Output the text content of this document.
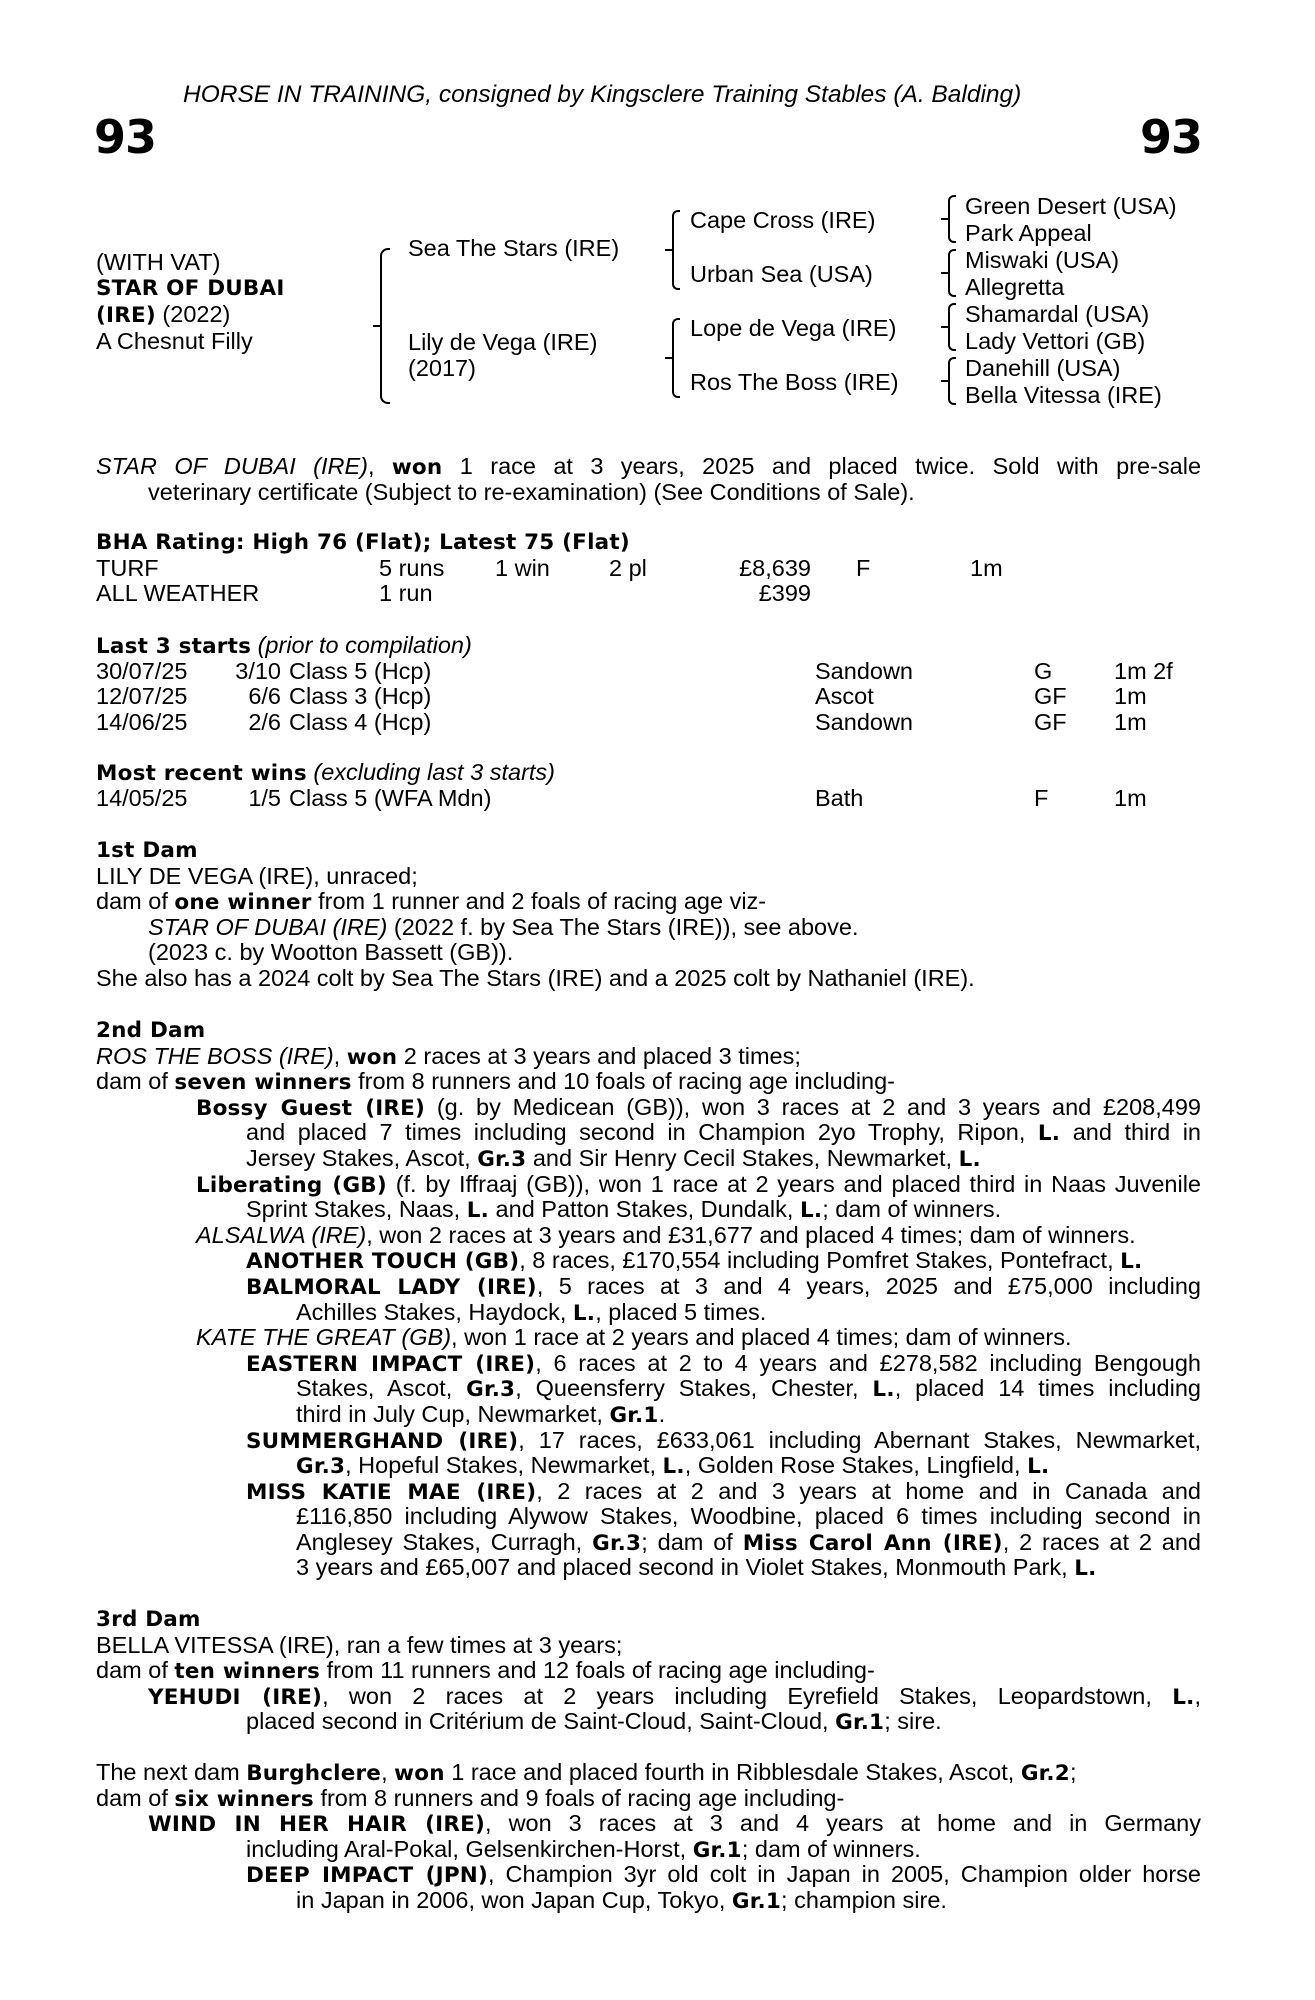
HORSE IN TRAINING, consigned by Kingsclere Training Stables (A. Balding)
93	93
(WITH VAT)
STAR OF DUBAI
(IRE) (2022)
A Chesnut Filly
Sea The Stars (IRE)
Lily de Vega (IRE)
(2017)
Cape Cross (IRE)
Urban Sea (USA)
Lope de Vega (IRE)
Ros The Boss (IRE)
Green Desert (USA)
Park Appeal
Miswaki (USA)
Allegretta
Shamardal (USA)
Lady Vettori (GB)
Danehill (USA)
Bella Vitessa (IRE)
STAR OF DUBAI (IRE), won 1 race at 3 years, 2025 and placed twice. Sold with pre-sale
veterinary certificate (Subject to re-examination) (See Conditions of Sale).
BHA Rating: High 76 (Flat); Latest 75 (Flat)
TURF	5 runs 1 win	2 pl	£8,639 F	1m
ALL WEATHER	1 run	£399
Last 3 starts (prior to compilation)
30/07/25 3/10 Class 5 (Hcp)	Sandown	G	1m 2f
12/07/25	6/6 Class 3 (Hcp)	Ascot	GF 1m
14/06/25	2/6 Class 4 (Hcp)	Sandown	GF 1m
Most recent wins (excluding last 3 starts)
14/05/25	1/5 Class 5 (WFA Mdn)	Bath	F	1m
1st Dam
LILY DE VEGA (IRE), unraced;
dam of one winner from 1 runner and 2 foals of racing age viz-
STAR OF DUBAI (IRE) (2022 f. by Sea The Stars (IRE)), see above.
(2023 c. by Wootton Bassett (GB)).
She also has a 2024 colt by Sea The Stars (IRE) and a 2025 colt by Nathaniel (IRE).
2nd Dam
ROS THE BOSS (IRE), won 2 races at 3 years and placed 3 times;
dam of seven winners from 8 runners and 10 foals of racing age including-
Bossy Guest (IRE) (g. by Medicean (GB)), won 3 races at 2 and 3 years and £208,499
and placed 7 times including second in Champion 2yo Trophy, Ripon, L. and third in
Jersey Stakes, Ascot, Gr.3 and Sir Henry Cecil Stakes, Newmarket, L.
Liberating (GB) (f. by Iffraaj (GB)), won 1 race at 2 years and placed third in Naas Juvenile
Sprint Stakes, Naas, L. and Patton Stakes, Dundalk, L.; dam of winners.
ALSALWA (IRE), won 2 races at 3 years and £31,677 and placed 4 times; dam of winners.
ANOTHER TOUCH (GB), 8 races, £170,554 including Pomfret Stakes, Pontefract, L.
BALMORAL LADY (IRE), 5 races at 3 and 4 years, 2025 and £75,000 including
Achilles Stakes, Haydock, L., placed 5 times.
KATE THE GREAT (GB), won 1 race at 2 years and placed 4 times; dam of winners.
EASTERN IMPACT (IRE), 6 races at 2 to 4 years and £278,582 including Bengough
Stakes, Ascot, Gr.3, Queensferry Stakes, Chester, L., placed 14 times including
third in July Cup, Newmarket, Gr.1.
SUMMERGHAND (IRE), 17 races, £633,061 including Abernant Stakes, Newmarket,
Gr.3, Hopeful Stakes, Newmarket, L., Golden Rose Stakes, Lingfield, L.
MISS KATIE MAE (IRE), 2 races at 2 and 3 years at home and in Canada and
£116,850 including Alywow Stakes, Woodbine, placed 6 times including second in
Anglesey Stakes, Curragh, Gr.3; dam of Miss Carol Ann (IRE), 2 races at 2 and
3 years and £65,007 and placed second in Violet Stakes, Monmouth Park, L.
3rd Dam
BELLA VITESSA (IRE), ran a few times at 3 years;
dam of ten winners from 11 runners and 12 foals of racing age including-
YEHUDI (IRE), won 2 races at 2 years including Eyrefield Stakes, Leopardstown, L.,
placed second in Critérium de Saint-Cloud, Saint-Cloud, Gr.1; sire.
The next dam Burghclere, won 1 race and placed fourth in Ribblesdale Stakes, Ascot, Gr.2;
dam of six winners from 8 runners and 9 foals of racing age including-
WIND IN HER HAIR (IRE), won 3 races at 3 and 4 years at home and in Germany
including Aral-Pokal, Gelsenkirchen-Horst, Gr.1; dam of winners.
DEEP IMPACT (JPN), Champion 3yr old colt in Japan in 2005, Champion older horse
in Japan in 2006, won Japan Cup, Tokyo, Gr.1; champion sire.
